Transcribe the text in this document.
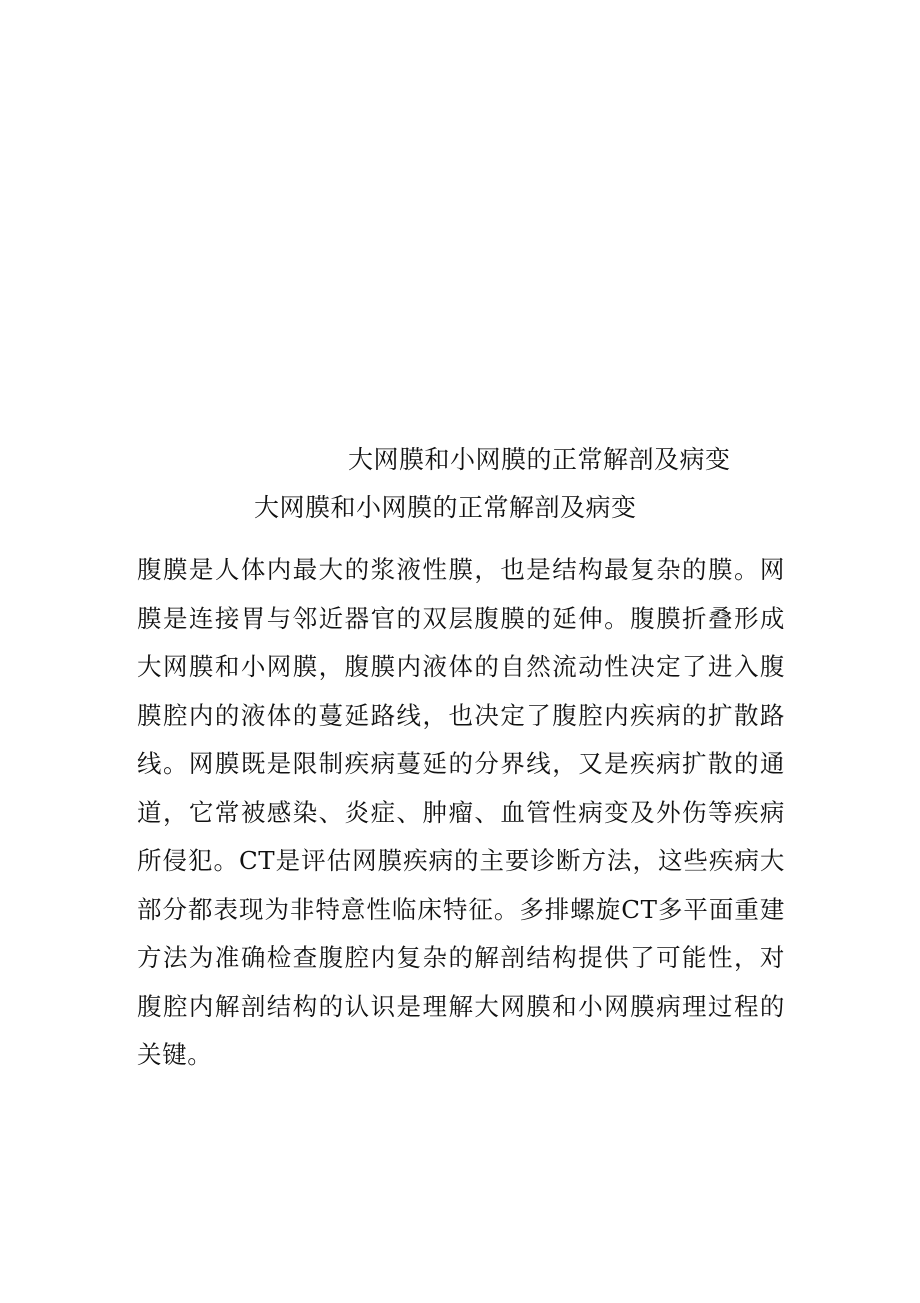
大网膜和小网膜的正常解剖及病变
大网膜和小网膜的正常解剖及病变

腹膜是人体内最大的浆液性膜，也是结构最复杂的膜。网膜是连接胃与邻近器官的双层腹膜的延伸。腹膜折叠形成大网膜和小网膜，腹膜内液体的自然流动性决定了进入腹膜腔内的液体的蔓延路线，也决定了腹腔内疾病的扩散路线。网膜既是限制疾病蔓延的分界线，又是疾病扩散的通道，它常被感染、炎症、肿瘤、血管性病变及外伤等疾病所侵犯。CT是评估网膜疾病的主要诊断方法，这些疾病大部分都表现为非特意性临床特征。多排螺旋CT多平面重建方法为准确检查腹腔内复杂的解剖结构提供了可能性，对腹腔内解剖结构的认识是理解大网膜和小网膜病理过程的关键。
